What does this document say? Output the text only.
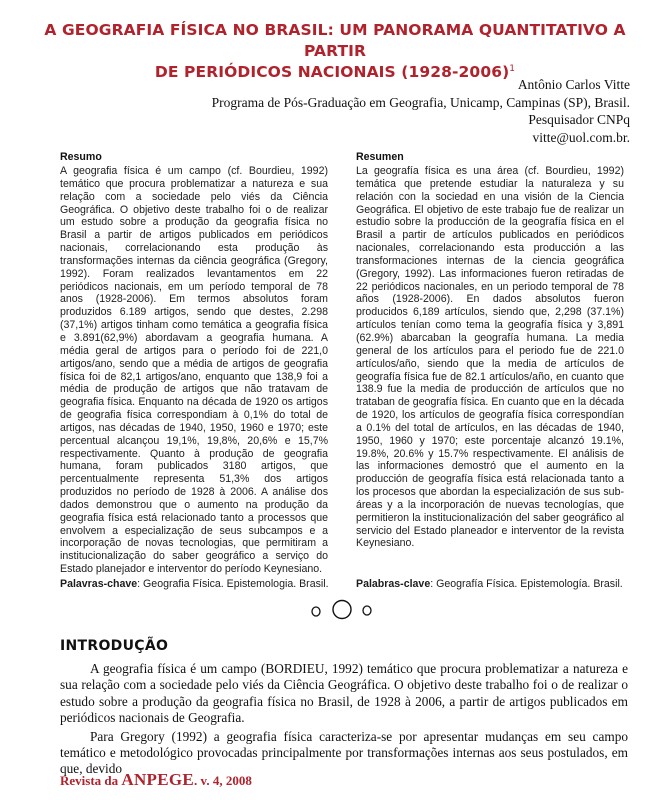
A GEOGRAFIA FÍSICA NO BRASIL: UM PANORAMA QUANTITATIVO A PARTIR
DE PERIÓDICOS NACIONAIS (1928-2006)$^1$
Antônio Carlos Vitte
Programa de Pós-Graduação em Geografia, Unicamp, Campinas (SP), Brasil.
Pesquisador CNPq
vitte@uol.com.br.
Resumo

A geografia física é um campo (cf. Bourdieu, 1992) temático que procura problematizar a natureza e sua relação com a sociedade pelo viés da Ciência Geográfica. O objetivo deste trabalho foi o de realizar um estudo sobre a produção da geografia física no Brasil a partir de artigos publicados em periódicos nacionais, correlacionando esta produção às transformações internas da ciência geográfica (Gregory, 1992). Foram realizados levantamentos em 22 periódicos nacionais, em um período temporal de 78 anos (1928-2006). Em termos absolutos foram produzidos 6.189 artigos, sendo que destes, 2.298 (37,1%) artigos tinham como temática a geografia física e 3.891(62,9%) abordavam a geografia humana. A média geral de artigos para o período foi de 221,0 artigos/ano, sendo que a média de artigos de geografia física foi de 82,1 artigos/ano, enquanto que 138,9 foi a média de produção de artigos que não tratavam de geografia física. Enquanto na década de 1920 os artigos de geografia física correspondiam à 0,1% do total de artigos, nas décadas de 1940, 1950, 1960 e 1970; este percentual alcançou 19,1%, 19,8%, 20,6% e 15,7% respectivamente. Quanto à produção de geografia humana, foram publicados 3180 artigos, que percentualmente representa 51,3% dos artigos produzidos no período de 1928 à 2006. A análise dos dados demonstrou que o aumento na produção da geografia física está relacionado tanto a processos que envolvem a especialização de seus subcampos e a incorporação de novas tecnologias, que permitiram a institucionalização do saber geográfico a serviço do Estado planejador e interventor do período Keynesiano.

Resumen

La geografía física es una área (cf. Bourdieu, 1992) temática que pretende estudiar la naturaleza y su relación con la sociedad en una visión de la Ciencia Geográfica. El objetivo de este trabajo fue de realizar un estudio sobre la producción de la geografía física en el Brasil a partir de artículos publicados en periódicos nacionales, correlacionando esta producción a las transformaciones internas de la ciencia geográfica (Gregory, 1992). Las informaciones fueron retiradas de 22 periódicos nacionales, en un periodo temporal de 78 años (1928-2006). En dados absolutos fueron producidos 6,189 artículos, siendo que, 2,298 (37.1%) artículos tenían como tema la geografía física y 3,891 (62.9%) abarcaban la geografía humana. La media general de los artículos para el periodo fue de 221.0 artículos/año, siendo que la media de artículos de geografía física fue de 82.1 artículos/año, en cuanto que 138.9 fue la media de producción de artículos que no trataban de geografía física. En cuanto que en la década de 1920, los artículos de geografía física correspondían a 0.1% del total de artículos, en las décadas de 1940, 1950, 1960 y 1970; este porcentaje alcanzó 19.1%, 19.8%, 20.6% y 15.7% respectivamente. El análisis de las informaciones demostró que el aumento en la producción de geografía física está relacionada tanto a los procesos que abordan la especialización de sus sub-áreas y a la incorporación de nuevas tecnologías, que permitieron la institucionalización del saber geográfico al servicio del Estado planeador e interventor de la revista Keynesiano.

Palavras-chave: Geografia Física. Epistemologia. Brasil.	Palabras-clave: Geografía Física. Epistemología. Brasil.
INTRODUÇÃO

A geografia física é um campo (BORDIEU, 1992) temático que procura problematizar a natureza e sua relação com a sociedade pelo viés da Ciência Geográfica. O objetivo deste trabalho foi o de realizar o estudo sobre a produção da geografia física no Brasil, de 1928 à 2006, a partir de artigos publicados em periódicos nacionais de Geografia.

Para Gregory (1992) a geografia física caracteriza-se por apresentar mudanças em seu campo temático e metodológico provocadas principalmente por transformações internas aos seus postulados, em que, devido

Revista da ANPEGE. v. 4, 2008
